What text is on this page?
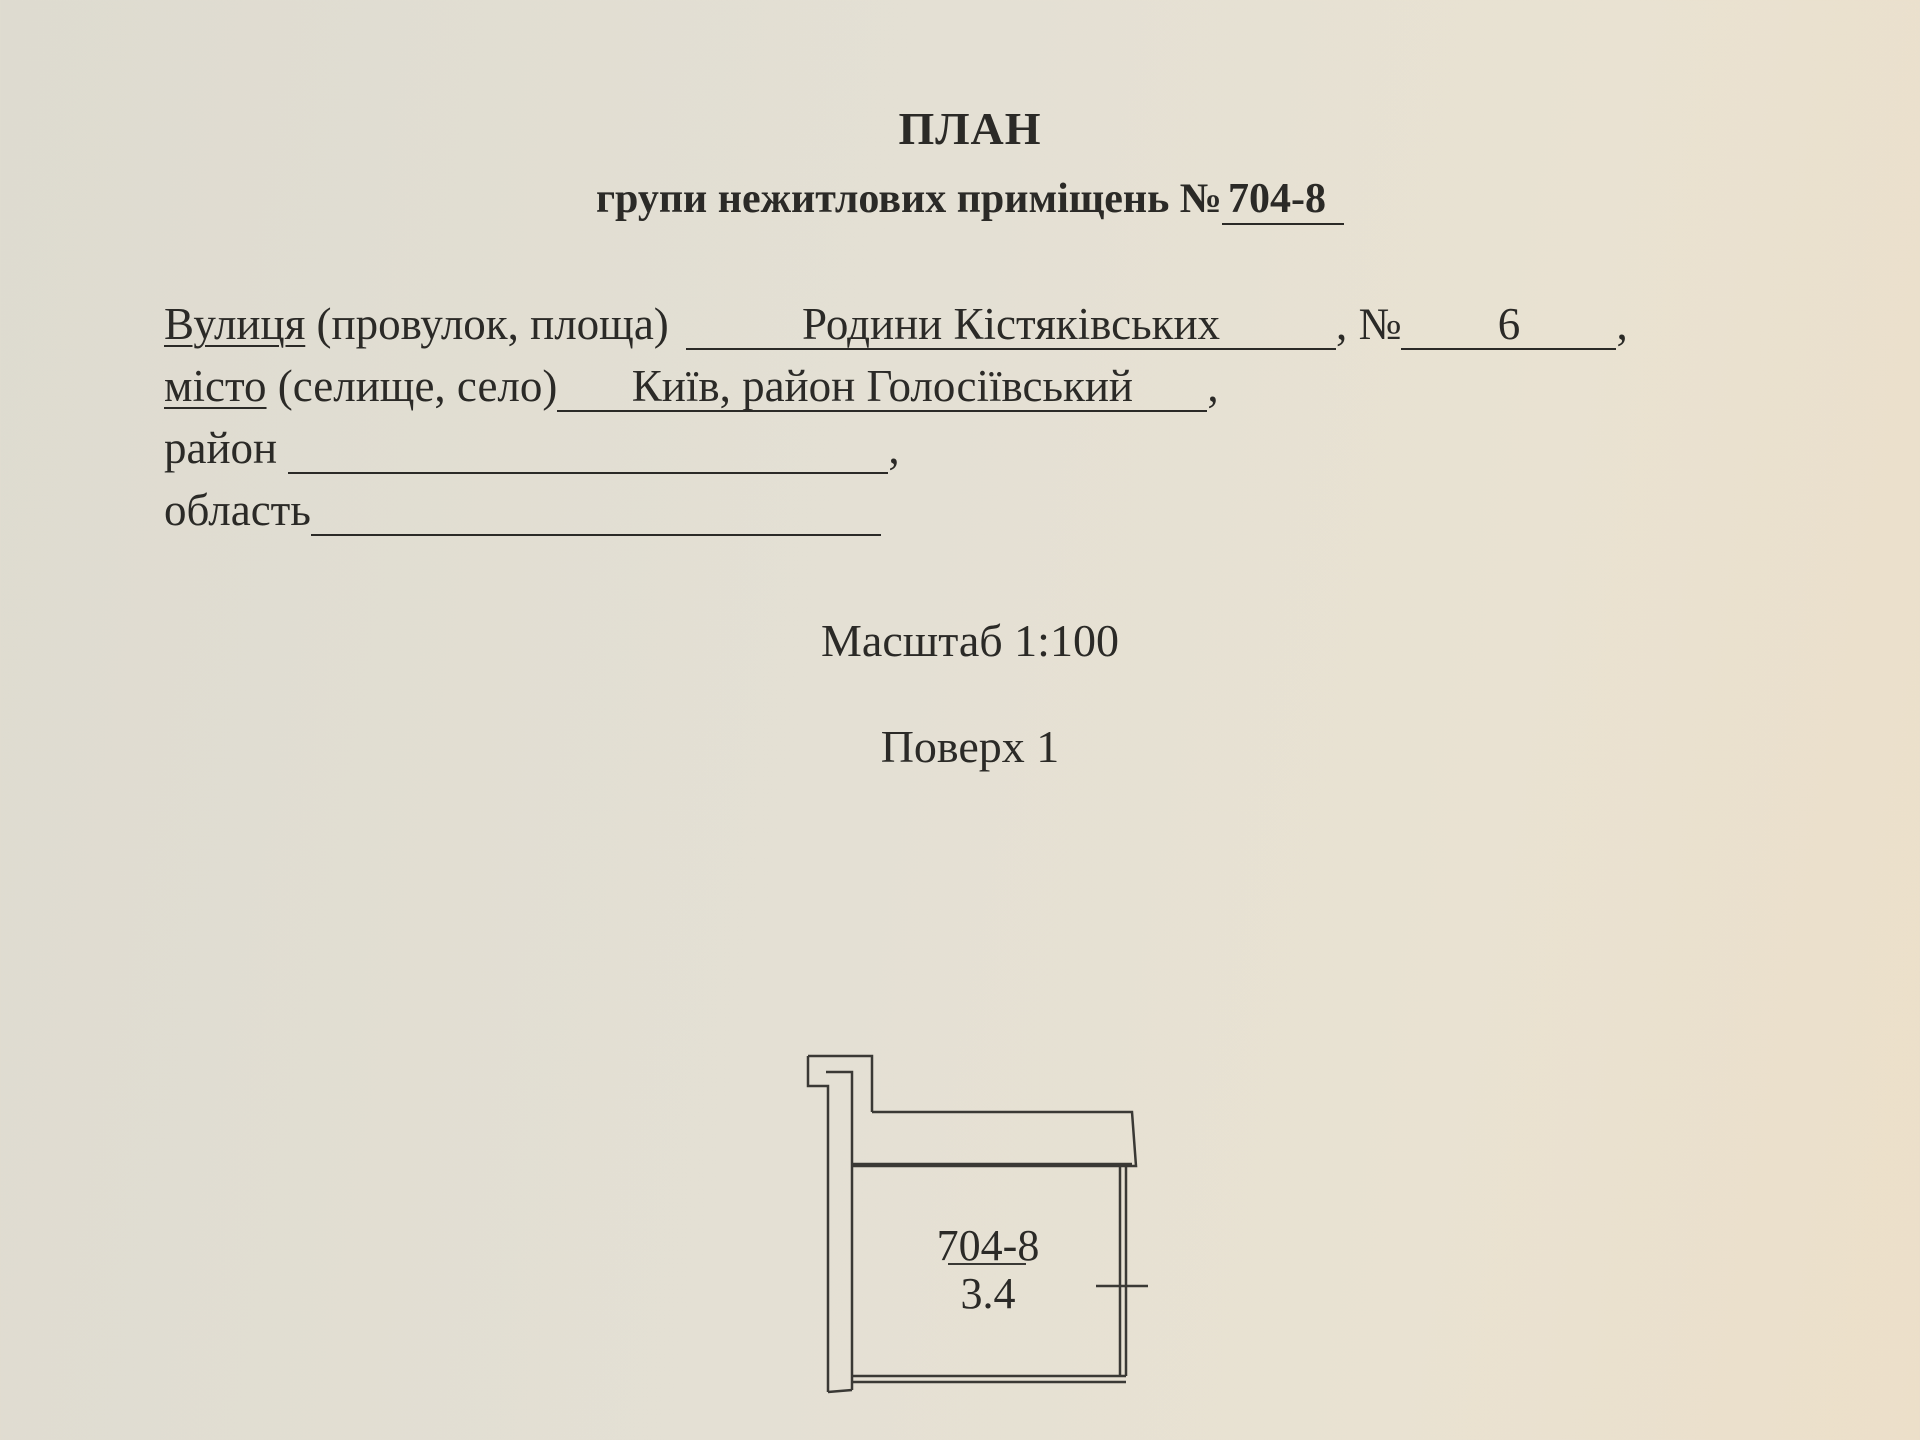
ПЛАН
групи нежитлових приміщень № 704-8
Вулиця (провулок, площа)	Родини Кістяківських	, № 6 ,
місто (селище, село) Київ, район Голосіївський ,
район	,
область
Масштаб 1:100
Поверх 1
704-8
3.4
